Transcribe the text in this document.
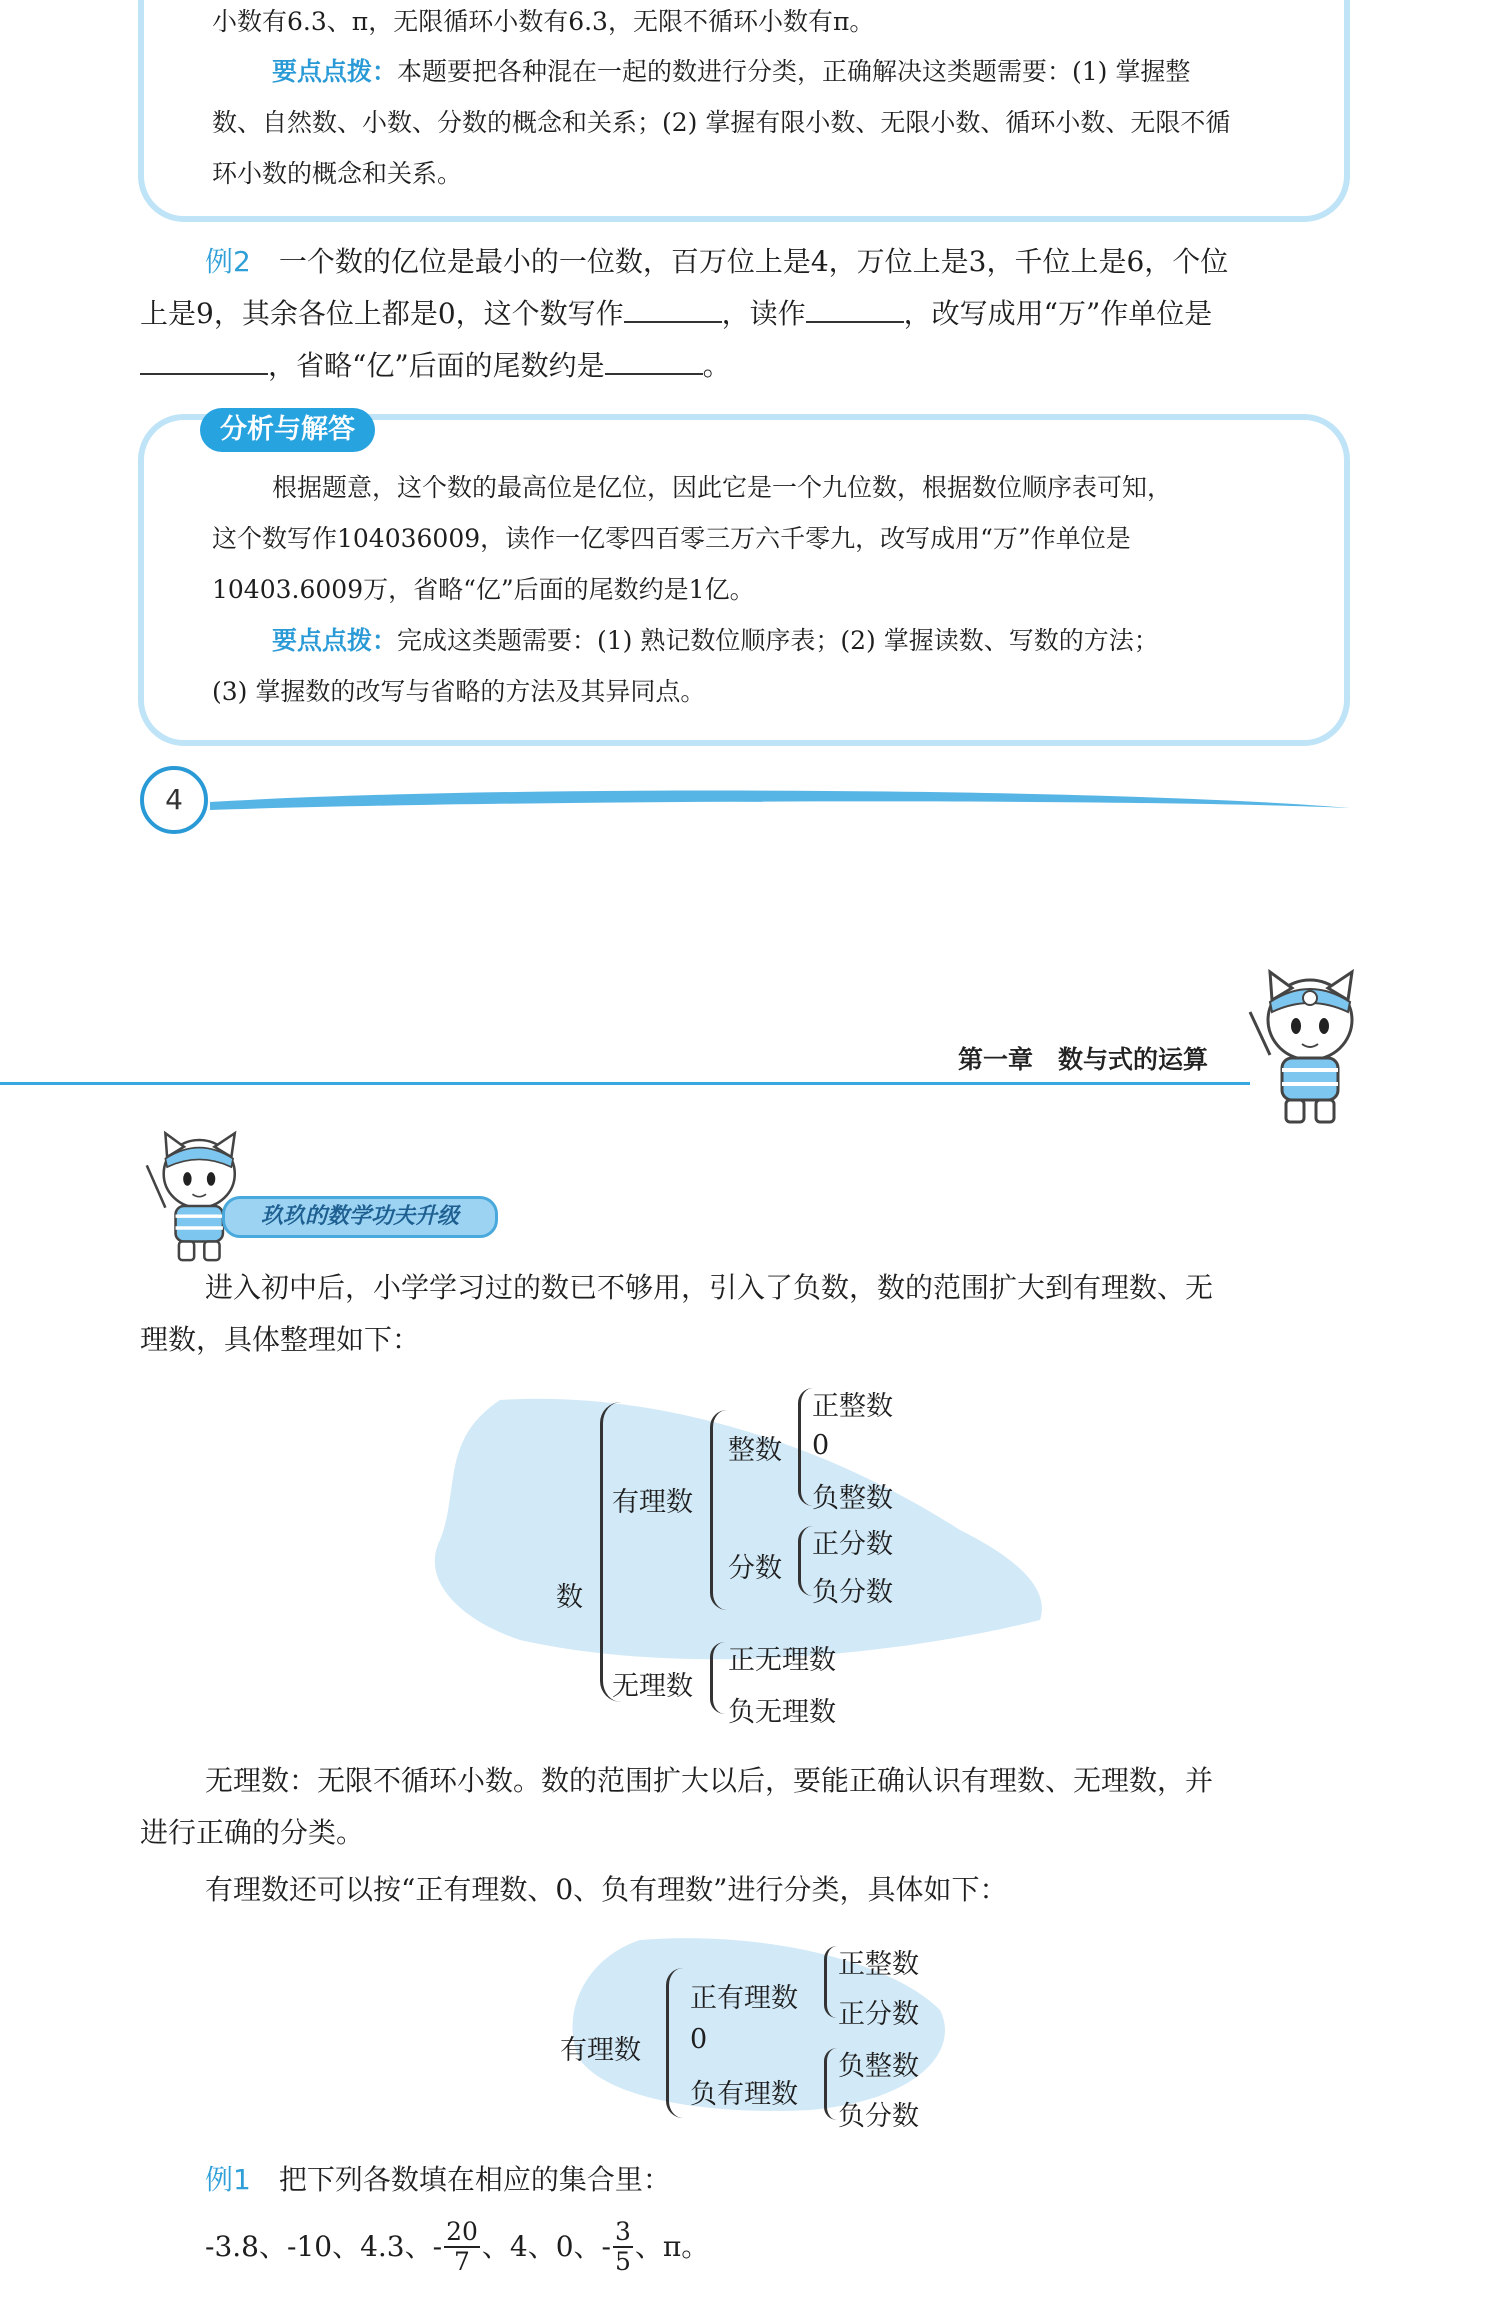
小数有6.3、π，无限循环小数有6.3，无限不循环小数有π。
要点点拨：本题要把各种混在一起的数进行分类，正确解决这类题需要：(1) 掌握整
数、自然数、小数、分数的概念和关系；(2) 掌握有限小数、无限小数、循环小数、无限不循
环小数的概念和关系。
例2 一个数的亿位是最小的一位数，百万位上是4，万位上是3，千位上是6，个位
上是9，其余各位上都是0，这个数写作	，读作	，改写成用“万”作单位是
，省略“亿”后面的尾数约是	。
分析与解答
根据题意，这个数的最高位是亿位，因此它是一个九位数，根据数位顺序表可知，
这个数写作104036009，读作一亿零四百零三万六千零九，改写成用“万”作单位是
10403.6009万，省略“亿”后面的尾数约是1亿。
要点点拨：完成这类题需要：(1) 熟记数位顺序表；(2) 掌握读数、写数的方法；
(3) 掌握数的改写与省略的方法及其异同点。
4
第一章　数与式的运算
玖玖的数学功夫升级
进入初中后，小学学习过的数已不够用，引入了负数，数的范围扩大到有理数、无
理数，具体整理如下：
数
有理数
整数
正整数
0
负整数
分数
正分数
负分数
无理数
正无理数
负无理数
无理数：无限不循环小数。数的范围扩大以后，要能正确认识有理数、无理数，并
进行正确的分类。
有理数还可以按“正有理数、0、负有理数”进行分类，具体如下：
有理数
正有理数
0
负有理数
正整数
正分数
负整数
负分数
例1 把下列各数填在相应的集合里：
-3.8、-10、4.3、- $\frac{20}{7}$ 、4、0、- $\frac{3}{5}$ 、π。
